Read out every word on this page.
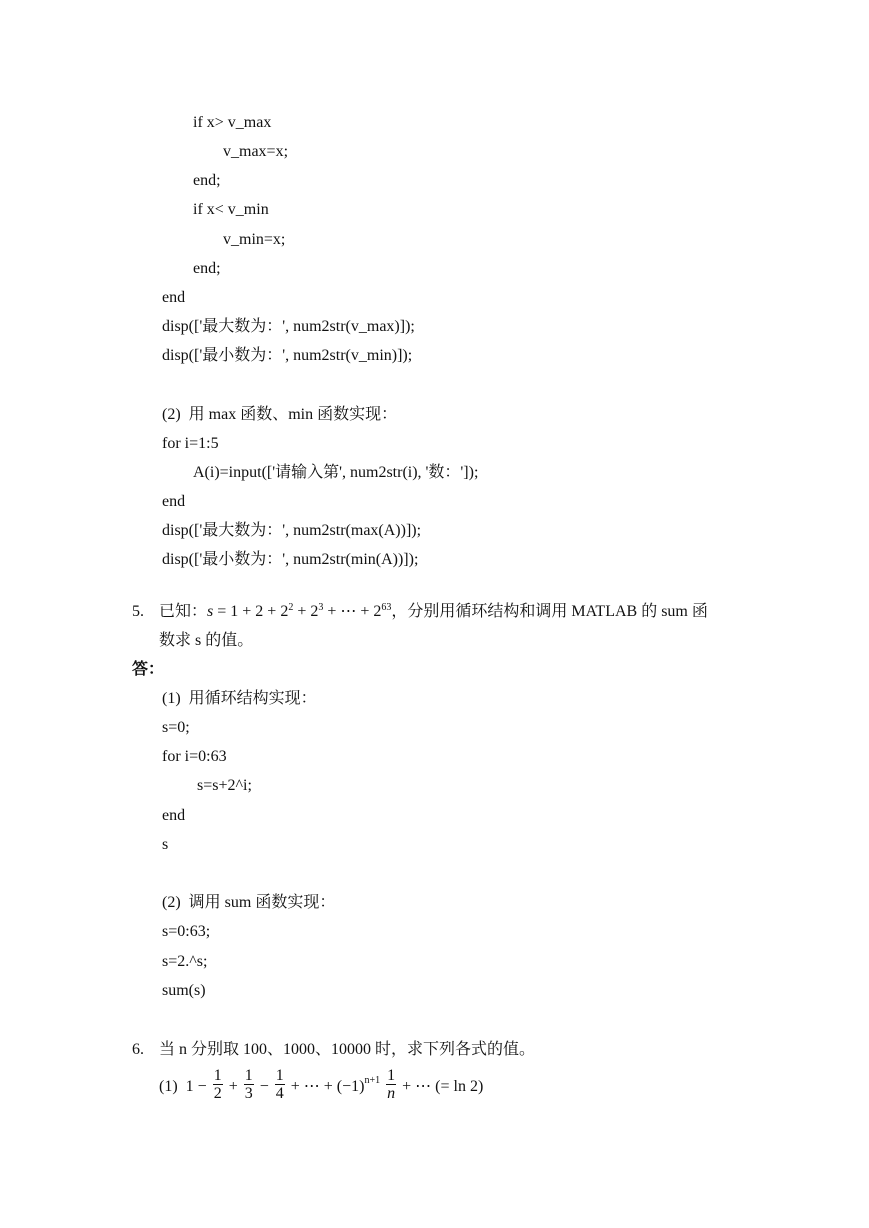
if x> v_max
v_max=x;
end;
if x< v_min
v_min=x;
end;
end
disp(['最大数为：', num2str(v_max)]);
disp(['最小数为：', num2str(v_min)]);
(2)  用 max 函数、min 函数实现：
for i=1:5
A(i)=input(['请输入第', num2str(i), '数：']);
end
disp(['最大数为：', num2str(max(A))]);
disp(['最小数为：', num2str(min(A))]);
5. 已知：$s = 1 + 2 + 2^2 + 2^3$ + ⋯ + $2^{63}$，分别用循环结构和调用 MATLAB 的 sum 函
数求 s 的值。
答：
(1)  用循环结构实现：
s=0;
for i=0:63
s=s+2^i;
end
s
(2)  调用 sum 函数实现：
s=0:63;
s=2.^s;
sum(s)
6. 当 n 分别取 100、1000、10000 时，求下列各式的值。
(1) $1 - \frac{1}{2} + \frac{1}{3} - \frac{1}{4}$ + ⋯ + $(-1)^{n+1} \frac{1}{n}$ + ⋯ (= ln 2)
